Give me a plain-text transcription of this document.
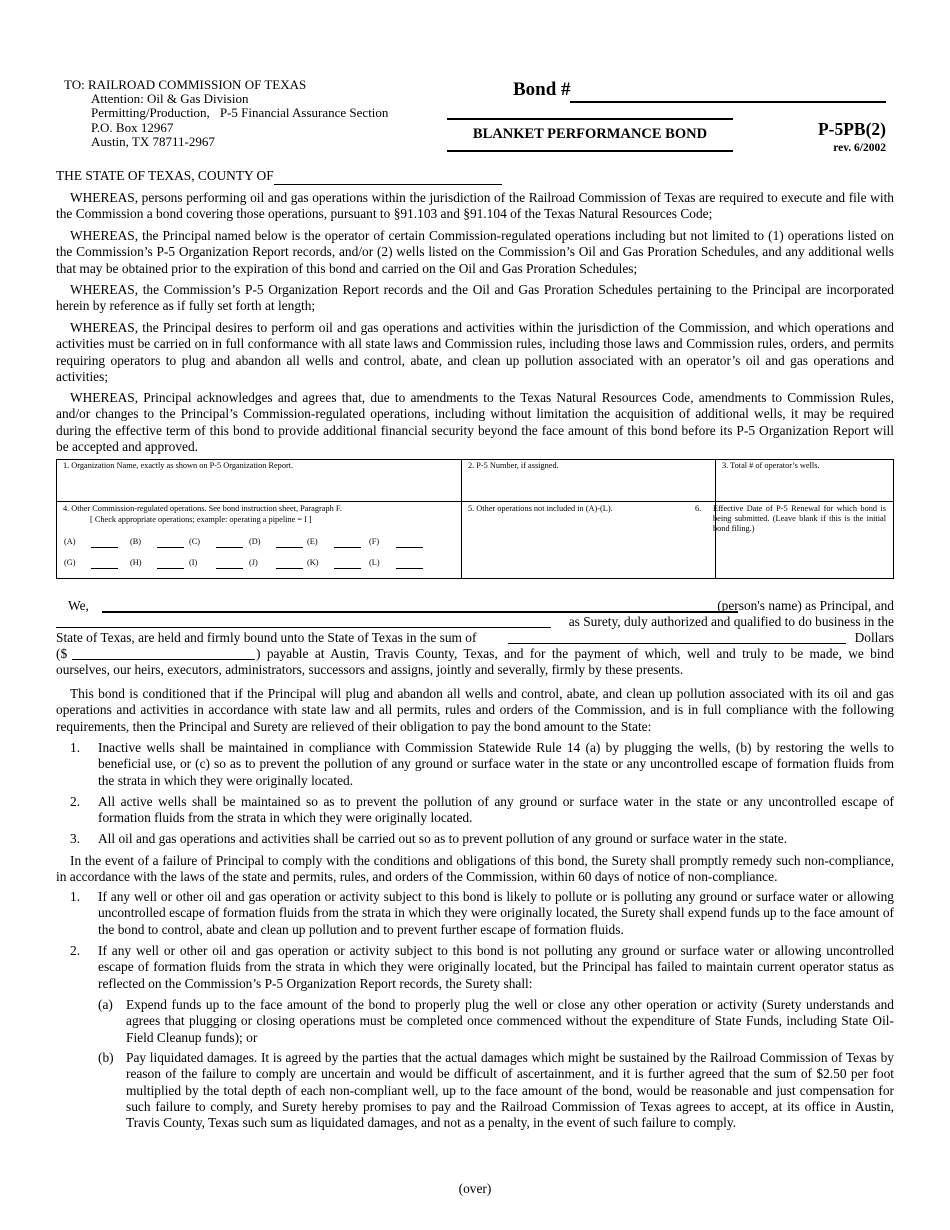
TO: RAILROAD COMMISSION OF TEXAS
Attention: Oil & Gas Division
Permitting/Production, P-5 Financial Assurance Section
P.O. Box 12967
Austin, TX 78711-2967
Bond #
BLANKET PERFORMANCE BOND	P-5PB(2)
rev. 6/2002
THE STATE OF TEXAS, COUNTY OF

WHEREAS, persons performing oil and gas operations within the jurisdiction of the Railroad Commission of Texas are required to execute and file with the Commission a bond covering those operations, pursuant to §91.103 and §91.104 of the Texas Natural Resources Code;

WHEREAS, the Principal named below is the operator of certain Commission-regulated operations including but not limited to (1) operations listed on the Commission’s P-5 Organization Report records, and/or (2) wells listed on the Commission’s Oil and Gas Proration Schedules, and any additional wells that may be obtained prior to the expiration of this bond and carried on the Oil and Gas Proration Schedules;

WHEREAS, the Commission’s P-5 Organization Report records and the Oil and Gas Proration Schedules pertaining to the Principal are incorporated herein by reference as if fully set forth at length;

WHEREAS, the Principal desires to perform oil and gas operations and activities within the jurisdiction of the Commission, and which operations and activities must be carried on in full conformance with all state laws and Commission rules, including those laws and Commission rules, orders, and permits requiring operators to plug and abandon all wells and control, abate, and clean up pollution associated with an operator’s oil and gas operations and activities;

WHEREAS, Principal acknowledges and agrees that, due to amendments to the Texas Natural Resources Code, amendments to Commission Rules, and/or changes to the Principal’s Commission-regulated operations, including without limitation the acquisition of additional wells, it may be required during the effective term of this bond to provide additional financial security beyond the face amount of this bond before its P-5 Organization Report will be accepted and approved.

1. Organization Name, exactly as shown on P-5 Organization Report.	2. P-5 Number, if assigned.	3. Total # of operator’s wells.
4. Other Commission-regulated operations. See bond instruction sheet, Paragraph F.
[ Check appropriate operations; example: operating a pipeline = I ]
(A)	(B)	(C)	(D)	(E)	(F)
(G)	(H)	(I)	(J)	(K)	(L)
5. Other operations not included in (A)-(L).	6.	Effective Date of P-5 Renewal for which bond is being submitted. (Leave blank if this is the initial bond filing.)
We,	(person's name) as Principal, and
as Surety, duly authorized and qualified to do business in the
State of Texas, are held and firmly bound unto the State of Texas in the sum of	Dollars
($	) payable at Austin, Travis County, Texas, and for the payment of which, well and truly to be made, we bind
ourselves, our heirs, executors, administrators, successors and assigns, jointly and severally, firmly by these presents.

This bond is conditioned that if the Principal will plug and abandon all wells and control, abate, and clean up pollution associated with its oil and gas operations and activities in accordance with state law and all permits, rules and orders of the Commission, and is in full compliance with the following requirements, then the Principal and Surety are relieved of their obligation to pay the bond amount to the State:

1. Inactive wells shall be maintained in compliance with Commission Statewide Rule 14 (a) by plugging the wells, (b) by restoring the wells to beneficial use, or (c) so as to prevent the pollution of any ground or surface water in the state or any uncontrolled escape of formation fluids from the strata in which they were originally located.
2. All active wells shall be maintained so as to prevent the pollution of any ground or surface water in the state or any uncontrolled escape of formation fluids from the strata in which they were originally located.
3. All oil and gas operations and activities shall be carried out so as to prevent pollution of any ground or surface water in the state.

In the event of a failure of Principal to comply with the conditions and obligations of this bond, the Surety shall promptly remedy such non-compliance, in accordance with the laws of the state and permits, rules, and orders of the Commission, within 60 days of notice of non-compliance.

1. If any well or other oil and gas operation or activity subject to this bond is likely to pollute or is polluting any ground or surface water or allowing uncontrolled escape of formation fluids from the strata in which they were originally located, the Surety shall expend funds up to the face amount of the bond to control, abate and clean up pollution and to prevent further escape of formation fluids.
2. If any well or other oil and gas operation or activity subject to this bond is not polluting any ground or surface water or allowing uncontrolled escape of formation fluids from the strata in which they were originally located, but the Principal has failed to maintain current operator status as reflected on the Commission’s P-5 Organization Report records, the Surety shall:
(a) Expend funds up to the face amount of the bond to properly plug the well or close any other operation or activity (Surety understands and agrees that plugging or closing operations must be completed once commenced without the expenditure of State Funds, including State Oil-Field Cleanup funds); or
(b) Pay liquidated damages. It is agreed by the parties that the actual damages which might be sustained by the Railroad Commission of Texas by reason of the failure to comply are uncertain and would be difficult of ascertainment, and it is further agreed that the sum of $2.50 per foot multiplied by the total depth of each non-compliant well, up to the face amount of the bond, would be reasonable and just compensation for such failure to comply, and Surety hereby promises to pay and the Railroad Commission of Texas agrees to accept, at its office in Austin, Travis County, Texas such sum as liquidated damages, and not as a penalty, in the event of such failure to comply.
(over)
